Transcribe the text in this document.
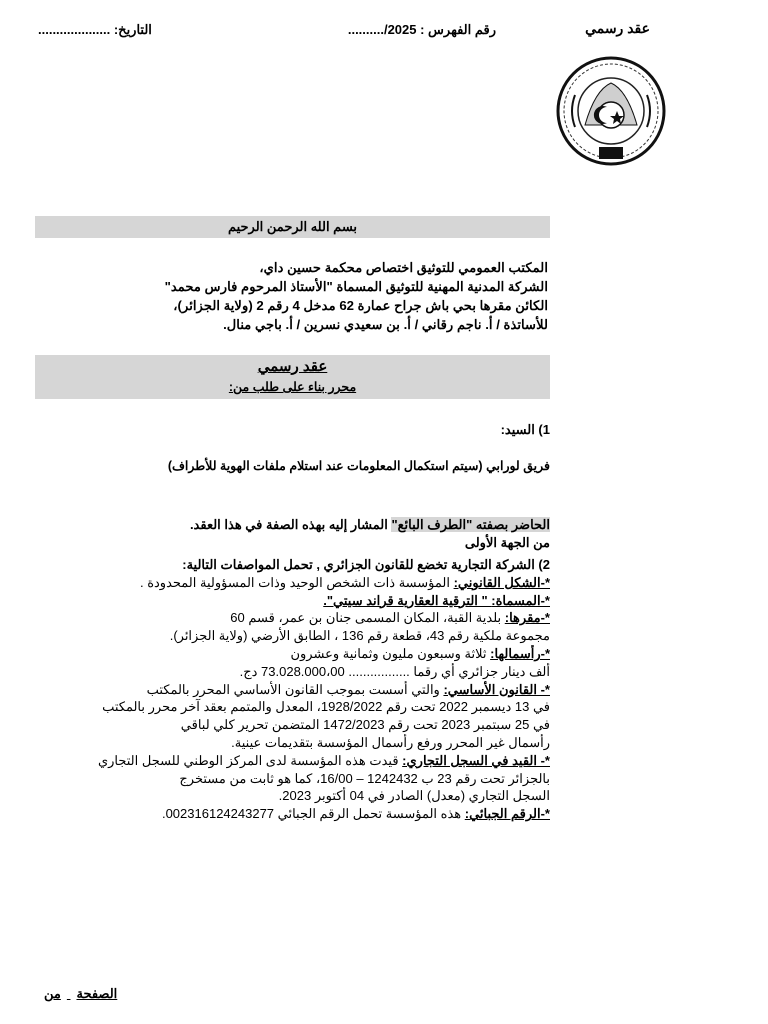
عقد رسمي
رقم الفهرس : 2025/..........
التاريخ: ....................
بسم الله الرحمن الرحيم
المكتب العمومي للتوثيق اختصاص محكمة حسين داي،
الشركة المدنية المهنية للتوثيق المسماة "الأستاذ المرحوم فارس محمد"
الكائن مقرها بحي باش جراح عمارة 62 مدخل 4 رقم 2 (ولاية الجزائر)،
للأساتذة / أ. ناجم رقاني / أ. بن سعيدي نسرين / أ. باجي منال.
عقد رسمي
محرر بناء على طلب من:
1) السيد:
فريق لورابي (سيتم استكمال المعلومات عند استلام ملفات الهوية للأطراف)
الحاضر بصفته "الطرف البائع" المشار إليه بهذه الصفة في هذا العقد.
من الجهة الأولى
2) الشركة التجارية تخضع للقانون الجزائري , تحمل المواصفات التالية:
*-الشكل القانوني: المؤسسة ذات الشخص الوحيد وذات المسؤولية المحدودة .
*-المسماة: " الترقية العقارية قراند سيتي".
*-مقرها: بلدية القبة، المكان المسمى جنان بن عمر، قسم 60
مجموعة ملكية رقم 43، قطعة رقم 136 ، الطابق الأرضي (ولاية الجزائر).
*-رأسمالها: ثلاثة وسبعون مليون وثمانية وعشرون
ألف دينار جزائري أي رقما ................. 73.028.000،00 دج.
*- القانون الأساسي: والتي أسست بموجب القانون الأساسي المحرر بالمكتب
في 13 ديسمبر 2022 تحت رقم 1928/2022، المعدل والمتمم بعقد آخر محرر بالمكتب
في 25 سبتمبر 2023 تحت رقم 1472/2023 المتضمن تحرير كلي لباقي
رأسمال غير المحرر ورفع رأسمال المؤسسة بتقديمات عينية.
*- القيد في السجل التجاري: قيدت هذه المؤسسة لدى المركز الوطني للسجل التجاري
بالجزائر تحت رقم 23 ب 1242432 – 16/00، كما هو ثابت من مستخرج
السجل التجاري (معدل) الصادر في 04 أكتوبر 2023.
*-الرقم الجبائي: هذه المؤسسة تحمل الرقم الجبائي 002316124243277.
الصفحة من
